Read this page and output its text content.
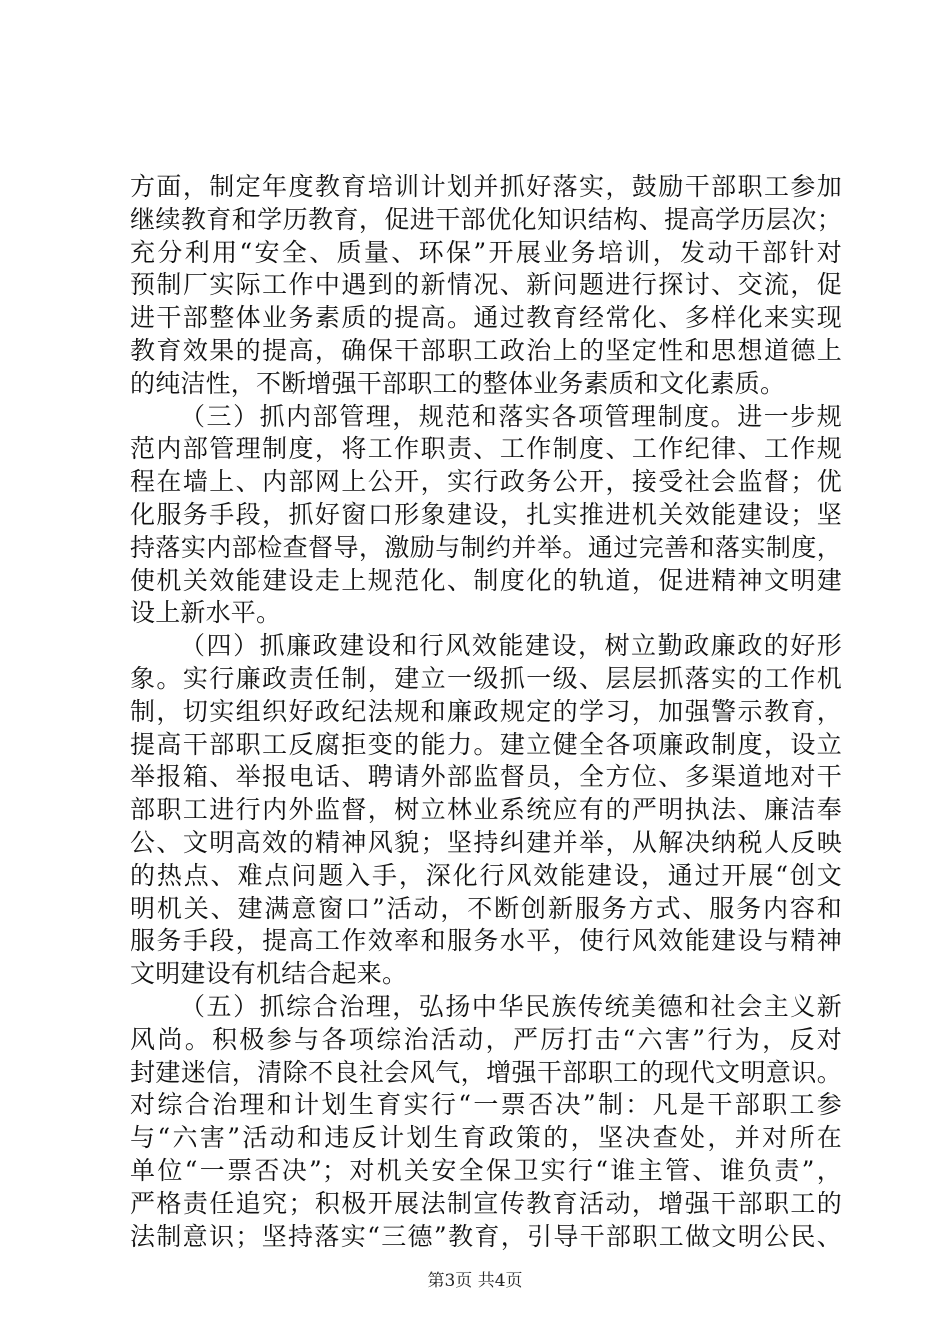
方面，制定年度教育培训计划并抓好落实，鼓励干部职工参加
继续教育和学历教育，促进干部优化知识结构、提高学历层次；
充分利用“安全、质量、环保”开展业务培训，发动干部针对
预制厂实际工作中遇到的新情况、新问题进行探讨、交流，促
进干部整体业务素质的提高。通过教育经常化、多样化来实现
教育效果的提高，确保干部职工政治上的坚定性和思想道德上
的纯洁性，不断增强干部职工的整体业务素质和文化素质。
（三）抓内部管理，规范和落实各项管理制度。进一步规
范内部管理制度，将工作职责、工作制度、工作纪律、工作规
程在墙上、内部网上公开，实行政务公开，接受社会监督；优
化服务手段，抓好窗口形象建设，扎实推进机关效能建设；坚
持落实内部检查督导，激励与制约并举。通过完善和落实制度，
使机关效能建设走上规范化、制度化的轨道，促进精神文明建
设上新水平。
（四）抓廉政建设和行风效能建设，树立勤政廉政的好形
象。实行廉政责任制，建立一级抓一级、层层抓落实的工作机
制，切实组织好政纪法规和廉政规定的学习，加强警示教育，
提高干部职工反腐拒变的能力。建立健全各项廉政制度，设立
举报箱、举报电话、聘请外部监督员，全方位、多渠道地对干
部职工进行内外监督，树立林业系统应有的严明执法、廉洁奉
公、文明高效的精神风貌；坚持纠建并举，从解决纳税人反映
的热点、难点问题入手，深化行风效能建设，通过开展“创文
明机关、建满意窗口”活动，不断创新服务方式、服务内容和
服务手段，提高工作效率和服务水平，使行风效能建设与精神
文明建设有机结合起来。
（五）抓综合治理，弘扬中华民族传统美德和社会主义新
风尚。积极参与各项综治活动，严厉打击“六害”行为，反对
封建迷信，清除不良社会风气，增强干部职工的现代文明意识。
对综合治理和计划生育实行“一票否决”制：凡是干部职工参
与“六害”活动和违反计划生育政策的，坚决查处，并对所在
单位“一票否决”；对机关安全保卫实行“谁主管、谁负责”，
严格责任追究；积极开展法制宣传教育活动，增强干部职工的
法制意识；坚持落实“三德”教育，引导干部职工做文明公民、
第3页 共4页
